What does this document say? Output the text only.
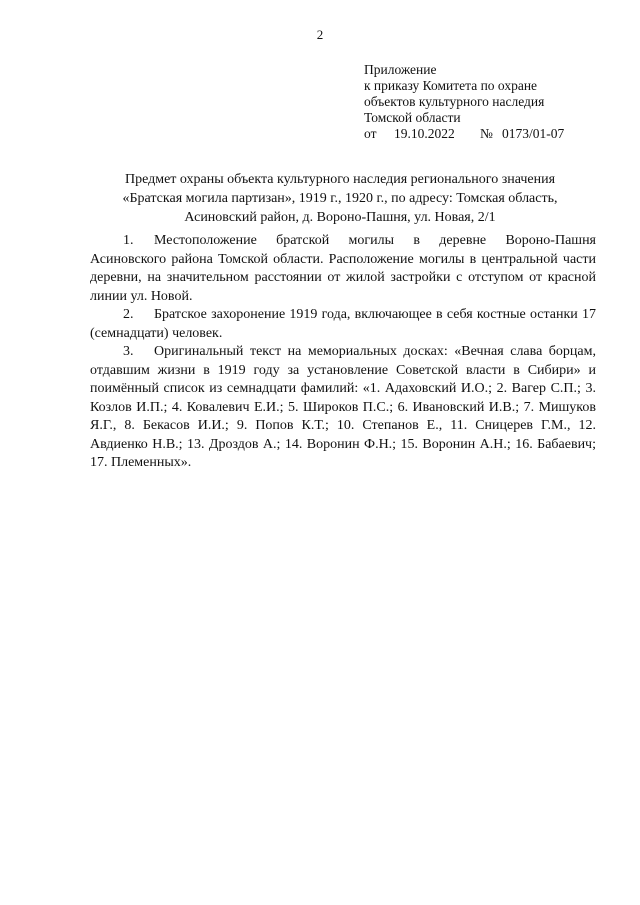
2
Приложение
к приказу Комитета по охране
объектов культурного наследия
Томской области
от 19.10.2022 № 0173/01-07
Предмет охраны объекта культурного наследия регионального значения
«Братская могила партизан», 1919 г., 1920 г., по адресу: Томская область,
Асиновский район, д. Вороно-Пашня, ул. Новая, 2/1

1. Местоположение братской могилы в деревне Вороно-Пашня Асиновского района Томской области. Расположение могилы в центральной части деревни, на значительном расстоянии от жилой застройки с отступом от красной линии ул. Новой.

2. Братское захоронение 1919 года, включающее в себя костные останки 17 (семнадцати) человек.

3. Оригинальный текст на мемориальных досках: «Вечная слава борцам, отдавшим жизни в 1919 году за установление Советской власти в Сибири» и поимённый список из семнадцати фамилий: «1. Адаховский И.О.; 2. Вагер С.П.; 3. Козлов И.П.; 4. Ковалевич Е.И.; 5. Широков П.С.; 6. Ивановский И.В.; 7. Мишуков Я.Г., 8. Бекасов И.И.; 9. Попов К.Т.; 10. Степанов Е., 11. Сницерев Г.М., 12. Авдиенко Н.В.; 13. Дроздов А.; 14. Воронин Ф.Н.; 15. Воронин А.Н.; 16. Бабаевич; 17. Племенных».
